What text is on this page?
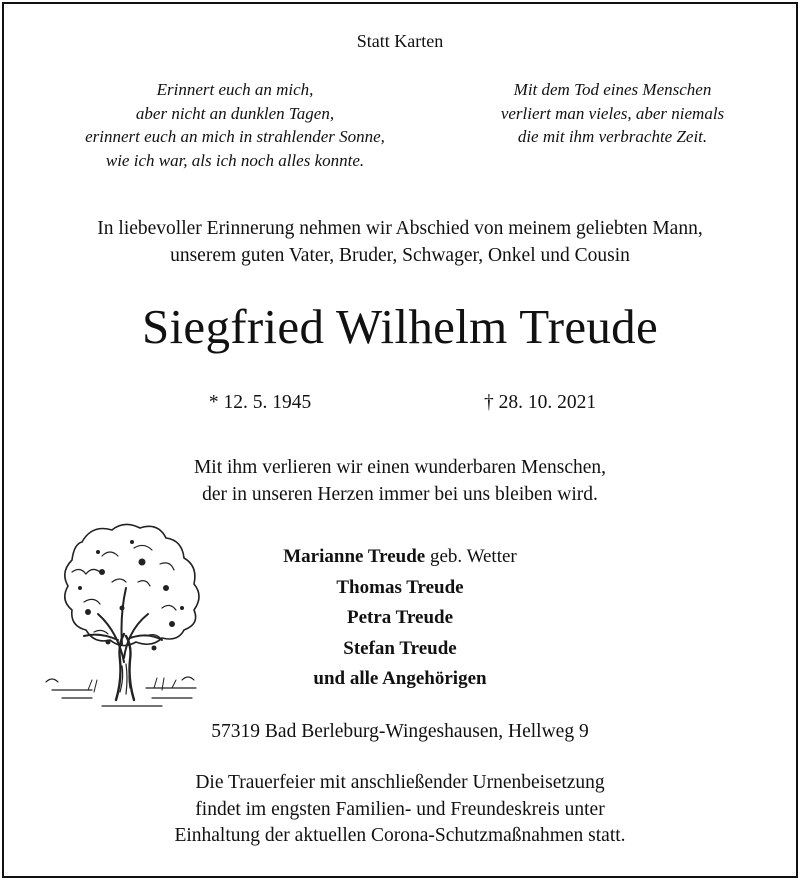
Statt Karten
Erinnert euch an mich,
aber nicht an dunklen Tagen,
erinnert euch an mich in strahlender Sonne,
wie ich war, als ich noch alles konnte.
Mit dem Tod eines Menschen
verliert man vieles, aber niemals
die mit ihm verbrachte Zeit.
In liebevoller Erinnerung nehmen wir Abschied von meinem geliebten Mann,
unserem guten Vater, Bruder, Schwager, Onkel und Cousin
Siegfried Wilhelm Treude
* 12. 5. 1945	† 28. 10. 2021
Mit ihm verlieren wir einen wunderbaren Menschen,
der in unseren Herzen immer bei uns bleiben wird.
Marianne Treude geb. Wetter
Thomas Treude
Petra Treude
Stefan Treude
und alle Angehörigen
57319 Bad Berleburg-Wingeshausen, Hellweg 9
Die Trauerfeier mit anschließender Urnenbeisetzung
findet im engsten Familien- und Freundeskreis unter
Einhaltung der aktuellen Corona-Schutzmaßnahmen statt.
